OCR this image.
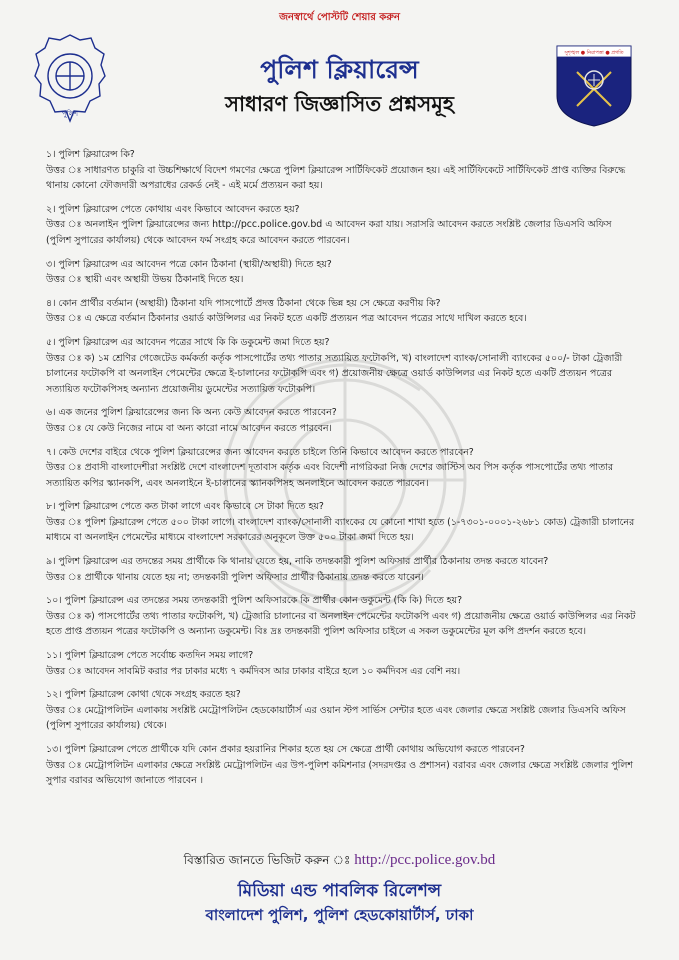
জনস্বার্থে পোস্টটি শেয়ার করুন
পুলিশ
সুশৃঙ্খল ● নিরাপত্তা ● প্রগতি
পুলিশ ক্লিয়ারেন্স
সাধারণ জিজ্ঞাসিত প্রশ্নসমূহ
১। পুলিশ ক্লিয়ারেন্স কি?
উত্তর ঃ সাধারণত চাকুরি বা উচ্চশিক্ষার্থে বিদেশ গমণের ক্ষেত্রে পুলিশ ক্লিয়ারেন্স সার্টিফিকেট প্রয়োজন হয়। এই সার্টিফিকেটে সার্টিফিকেট প্রাপ্ত ব্যক্তির বিরুদ্ধে থানায় কোনো ফৌজদারী অপরাধের রেকর্ড নেই - এই মর্মে প্রত্যয়ন করা হয়।
২। পুলিশ ক্লিয়ারেন্স পেতে কোথায় এবং কিভাবে আবেদন করতে হয়?
উত্তর ঃ অনলাইন পুলিশ ক্লিয়ারেন্সের জন্য http://pcc.police.gov.bd এ আবেদন করা যায়। সরাসরি আবেদন করতে সংশ্লিষ্ট জেলার ডিএসবি অফিস (পুলিশ সুপারের কার্যালয়) থেকে আবেদন ফর্ম সংগ্রহ করে আবেদন করতে পারবেন।
৩। পুলিশ ক্লিয়ারেন্স এর আবেদন পত্রে কোন ঠিকানা (স্থায়ী/অস্থায়ী) দিতে হয়?
উত্তর ঃ স্থায়ী এবং অস্থায়ী উভয় ঠিকানাই দিতে হয়।
৪। কোন প্রার্থীর বর্তমান (অস্থায়ী) ঠিকানা যদি পাসপোর্টে প্রদত্ত ঠিকানা থেকে ভিন্ন হয় সে ক্ষেত্রে করণীয় কি?
উত্তর ঃ এ ক্ষেত্রে বর্তমান ঠিকানার ওয়ার্ড কাউন্সিলর এর নিকট হতে একটি প্রত্যয়ন পত্র আবেদন পত্রের সাথে দাখিল করতে হবে।
৫। পুলিশ ক্লিয়ারেন্স এর আবেদন পত্রের সাথে কি কি ডকুমেন্ট জমা দিতে হয়?
উত্তর ঃ ক) ১ম শ্রেণির গেজেটেড কর্মকর্তা কর্তৃক পাসপোর্টের তথ্য পাতার সত্যায়িত ফটোকপি, খ) বাংলাদেশ ব্যাংক/সোনালী ব্যাংকের ৫০০/- টাকা ট্রেজারী চালানের ফটোকপি বা অনলাইন পেমেন্টের ক্ষেত্রে ই-চালানের ফটোকপি এবং গ) প্রয়োজনীয় ক্ষেত্রে ওয়ার্ড কাউন্সিলর এর নিকট হতে একটি প্রত্যয়ন পত্রের সত্যায়িত ফটোকপিসহ অন্যান্য প্রয়োজনীয় ডুমেন্টের সত্যায়িত ফটোকপি।
৬। এক জনের পুলিশ ক্লিয়ারেন্সের জন্য কি অন্য কেউ আবেদন করতে পারবেন?
উত্তর ঃ যে কেউ নিজের নামে বা অন্য কারো নামে আবেদন করতে পারবেন।
৭। কেউ দেশের বাইরে থেকে পুলিশ ক্লিয়ারেন্সের জন্য আবেদন করতে চাইলে তিনি কিভাবে আবেদন করতে পারবেন?
উত্তর ঃ প্রবাসী বাংলাদেশীরা সংশ্লিষ্ট দেশে বাংলাদেশ দূতাবাস কর্তৃক এবং বিদেশী নাগরিকরা নিজ দেশের জাস্টিস অব পিস কর্তৃক পাসপোর্টের তথ্য পাতার সত্যায়িত কপির স্ক্যানকপি, এবং অনলাইনে ই-চালানের স্ক্যানকপিসহ অনলাইনে আবেদন করতে পারবেন।
৮। পুলিশ ক্লিয়ারেন্স পেতে কত টাকা লাগে এবং কিভাবে সে টাকা দিতে হয়?
উত্তর ঃ পুলিশ ক্লিয়ারেন্স পেতে ৫০০ টাকা লাগে। বাংলাদেশ ব্যাংক/সোনালী ব্যাংকের যে কোনো শাখা হতে (১-৭৩০১-০০০১-২৬৮১ কোড) ট্রেজারী চালানের মাধ্যমে বা অনলাইন পেমেন্টের মাধ্যমে বাংলাদেশ সরকারের অনুকূলে উক্ত ৫০০ টাকা জমা দিতে হয়।
৯। পুলিশ ক্লিয়ারেন্স এর তদন্তের সময় প্রার্থীকে কি থানায় যেতে হয়, নাকি তদন্তকারী পুলিশ অফিসার প্রার্থীর ঠিকানায় তদন্ত করতে যাবেন?
উত্তর ঃ প্রার্থীকে থানায় যেতে হয় না; তদন্তকারী পুলিশ অফিসার প্রার্থীর ঠিকানায় তদন্ত করতে যাবেন।
১০। পুলিশ ক্লিয়ারেন্স এর তদন্তের সময় তদন্তকারী পুলিশ অফিসারকে কি প্রার্থীর কোন ডকুমেন্ট (কি কি) দিতে হয়?
উত্তর ঃ ক) পাসপোর্টের তথ্য পাতার ফটোকপি, খ) ট্রেজারি চালানের বা অনলাইন পেমেন্টের ফটোকপি এবং গ) প্রয়োজনীয় ক্ষেত্রে ওয়ার্ড কাউন্সিলর এর নিকট হতে প্রাপ্ত প্রত্যয়ন পত্রের ফটোকপি ও অন্যান্য ডকুমেন্ট। বিঃ দ্রঃ তদন্তকারী পুলিশ অফিসার চাইলে এ সকল ডকুমেন্টের মূল কপি প্রদর্শন করতে হবে।
১১। পুলিশ ক্লিয়ারেন্স পেতে সর্বোচ্চ কতদিন সময় লাগে?
উত্তর ঃ আবেদন সাবমিট করার পর ঢাকার মধ্যে ৭ কর্মদিবস আর ঢাকার বাইরে হলে ১০ কর্মদিবস এর বেশি নয়।
১২। পুলিশ ক্লিয়ারেন্স কোথা থেকে সংগ্রহ করতে হয়?
উত্তর ঃ মেট্রোপলিটন এলাকায় সংশ্লিষ্ট মেট্রোপলিটন হেডকোয়ার্টার্স এর ওয়ান স্টপ সার্ভিস সেন্টার হতে এবং জেলার ক্ষেত্রে সংশ্লিষ্ট জেলার ডিএসবি অফিস (পুলিশ সুপারের কার্যালয়) থেকে।
১৩। পুলিশ ক্লিয়ারেন্স পেতে প্রার্থীকে যদি কোন প্রকার হয়রানির শিকার হতে হয় সে ক্ষেত্রে প্রার্থী কোথায় অভিযোগ করতে পারবেন?
উত্তর ঃ মেট্রোপলিটন এলাকার ক্ষেত্রে সংশ্লিষ্ট মেট্রোপলিটন এর উপ-পুলিশ কমিশনার (সদরদপ্তর ও প্রশাসন) বরাবর এবং জেলার ক্ষেত্রে সংশ্লিষ্ট জেলার পুলিশ সুপার বরাবর অভিযোগ জানাতে পারবেন ।
বিস্তারিত জানতে ভিজিট করুন ঃ http://pcc.police.gov.bd
মিডিয়া এন্ড পাবলিক রিলেশন্স
বাংলাদেশ পুলিশ, পুলিশ হেডকোয়ার্টার্স, ঢাকা
